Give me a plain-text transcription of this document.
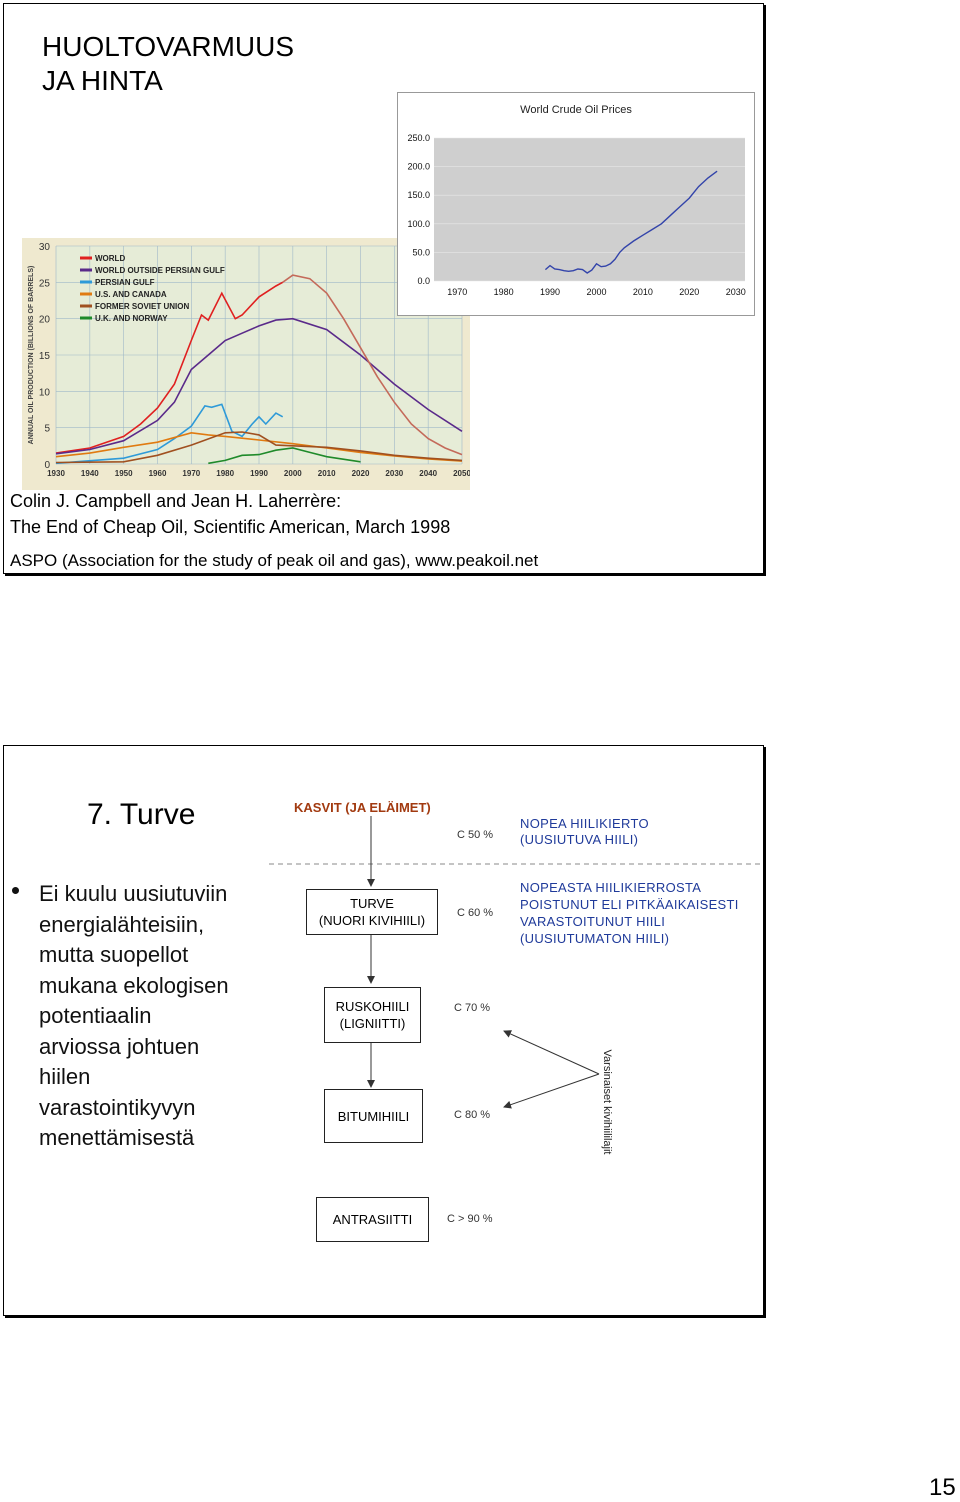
HUOLTOVARMUUS
JA HINTA
1930 1940 1950 1960 1970 1980 1990 2000 2010 2020 2030 2040 2050
0
5
10
15
20
25
30
ANNUAL OIL PRODUCTION (BILLIONS OF BARRELS)
WORLD
WORLD OUTSIDE PERSIAN GULF
PERSIAN GULF
U.S. AND CANADA
FORMER SOVIET UNION
U.K. AND NORWAY
World Crude Oil Prices
0.0
50.0
100.0
150.0
200.0
250.0
1970	1980	1990	2000	2010	2020	2030
Colin J. Campbell and Jean H. Laherrère:
The End of Cheap Oil, Scientific American, March 1998
ASPO (Association for the study of peak oil and gas), www.peakoil.net
7. Turve
Ei kuulu uusiutuviin
energialähteisiin,
mutta suopellot
mukana ekologisen
potentiaalin
arviossa johtuen
hiilen
varastointikyvyn
menettämisestä
KASVIT (JA ELÄIMET)
C 50 %
NOPEA HIILIKIERTO
(UUSIUTUVA HIILI)
NOPEASTA HIILIKIERROSTA
POISTUNUT ELI PITKÄAIKAISESTI
VARASTOITUNUT HIILI
(UUSIUTUMATON HIILI)
TURVE
(NUORI KIVIHIILI)	C 60 %
RUSKOHIILI
(LIGNIITTI)
C 70 %
BITUMIHIILI	C 80 %
ANTRASIITTI	C > 90 %
Varsinaiset kivihiililajit
15
